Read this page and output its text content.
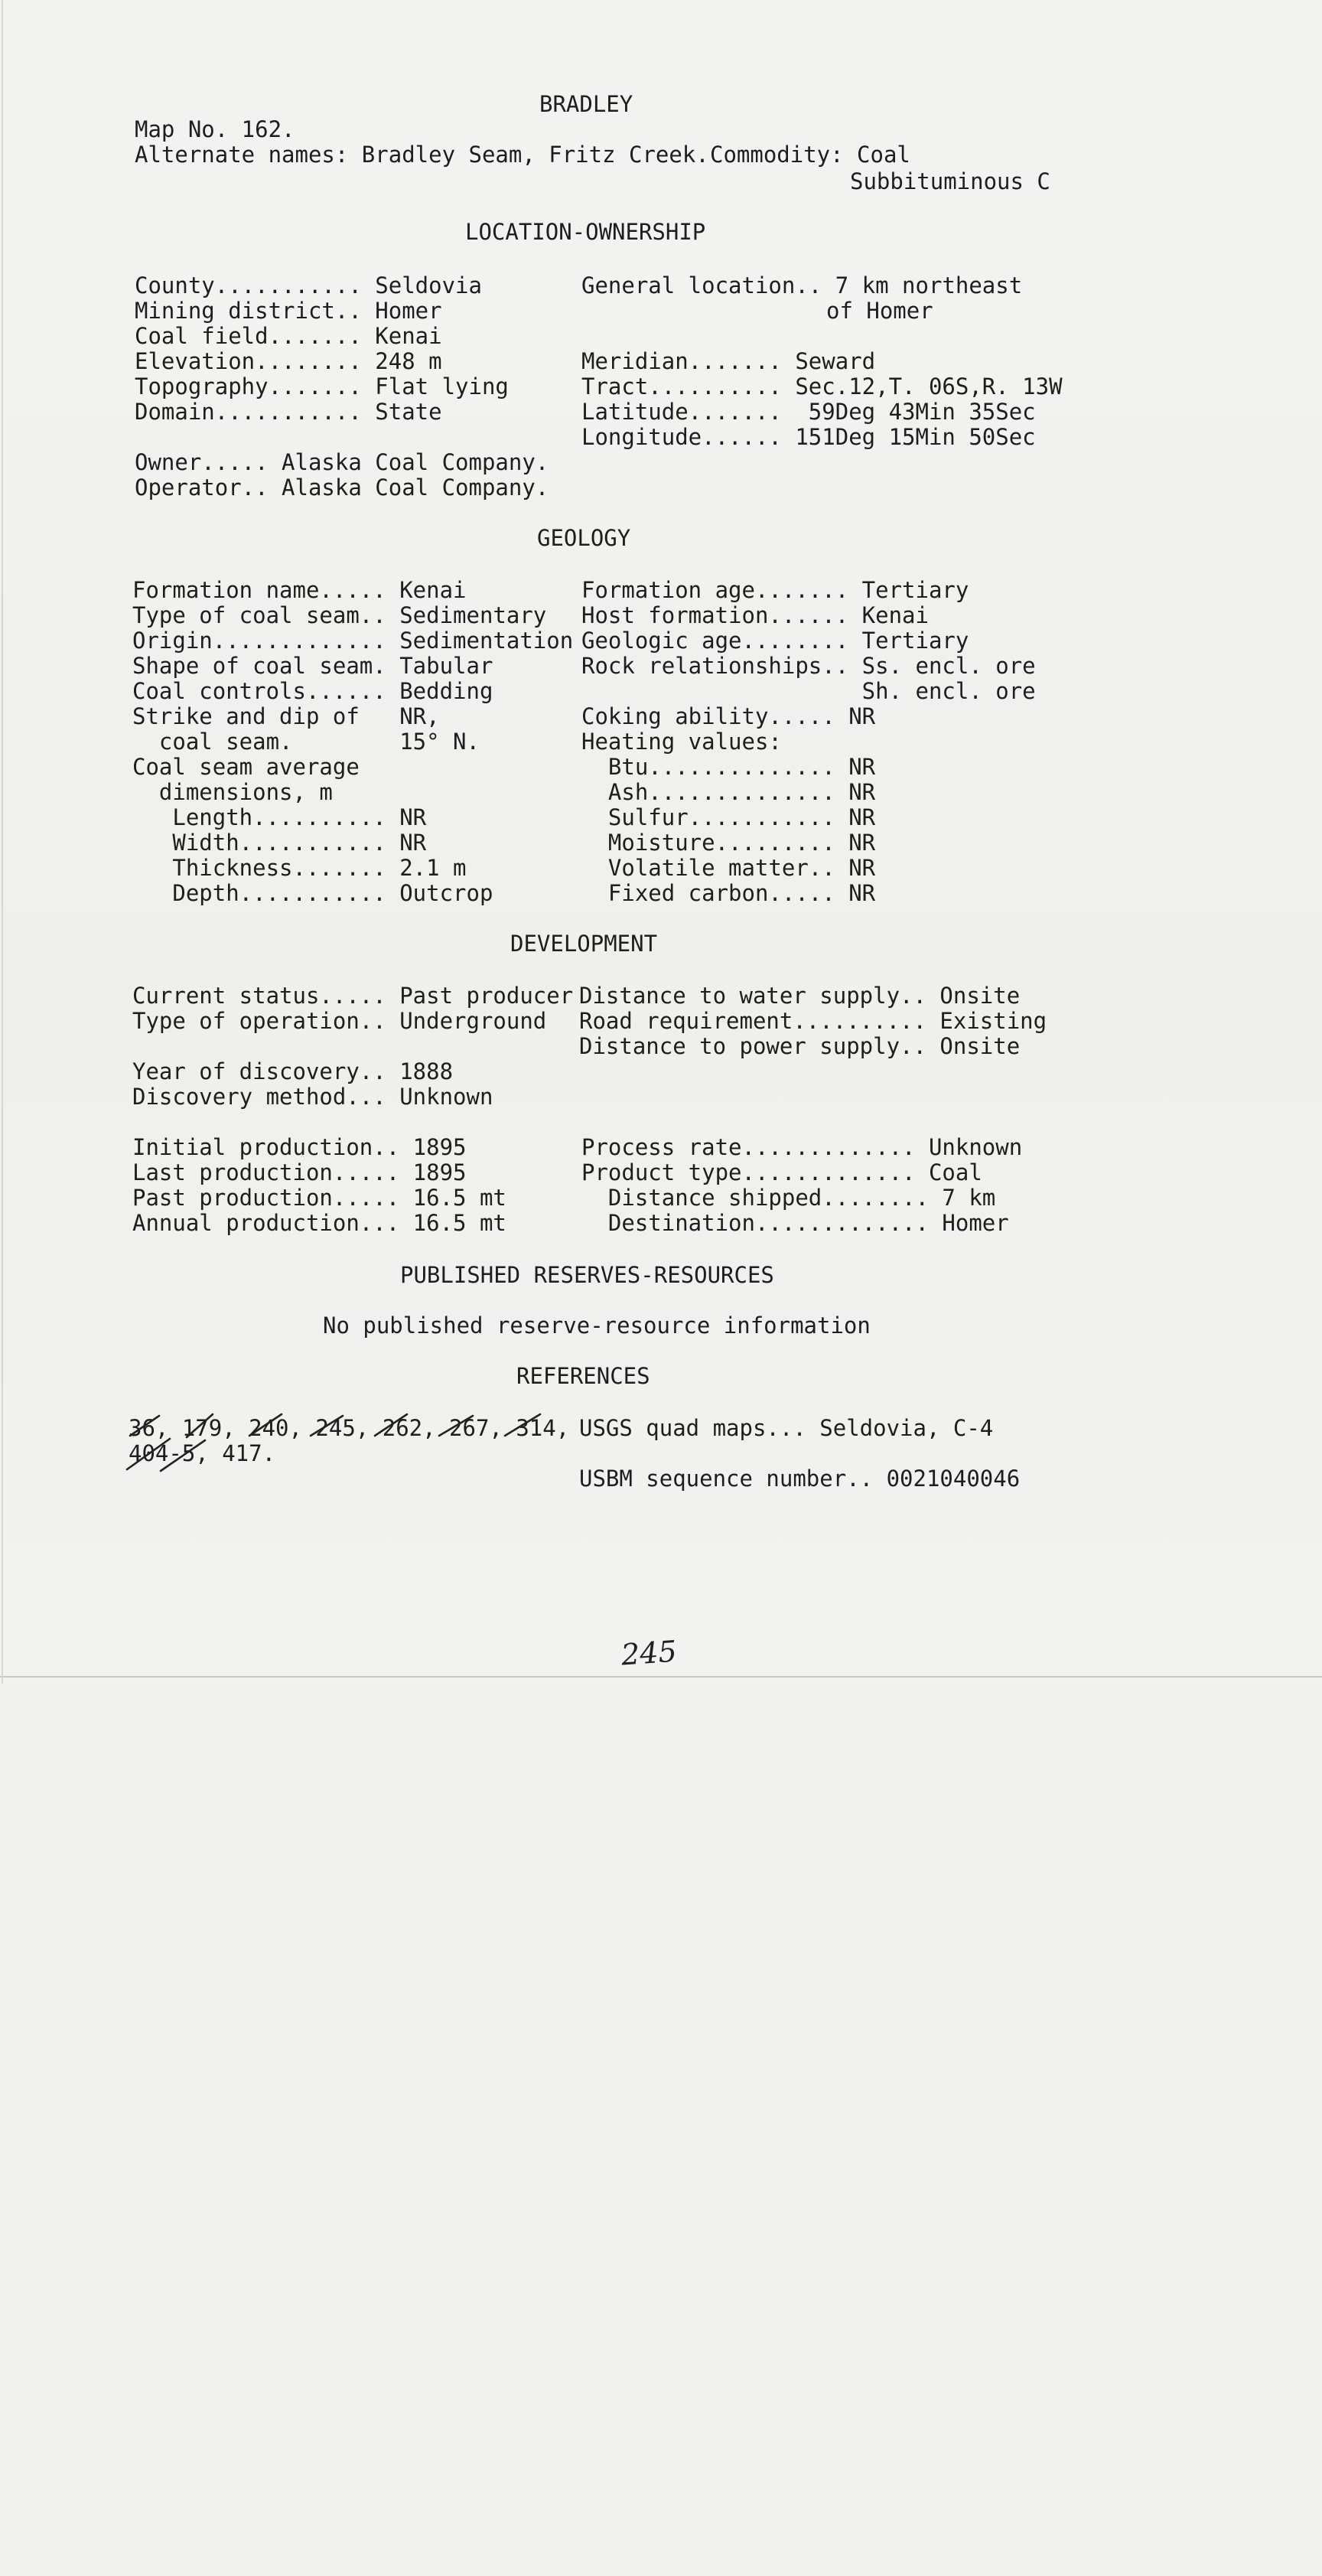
BRADLEY

Map No. 162.

Alternate names: Bradley Seam, Fritz Creek.

Commodity: Coal

Subbituminous C

LOCATION-OWNERSHIP

County........... Seldovia

Mining district.. Homer

Coal field....... Kenai

Elevation........ 248 m

Topography....... Flat lying

Domain........... State

General location.. 7 km northeast

of Homer

Meridian....... Seward

Tract.......... Sec.12,T. 06S,R. 13W

Latitude.......  59Deg 43Min 35Sec

Longitude...... 151Deg 15Min 50Sec

Owner..... Alaska Coal Company.

Operator.. Alaska Coal Company.

GEOLOGY

Formation name..... Kenai

Type of coal seam.. Sedimentary

Origin............. Sedimentation

Shape of coal seam. Tabular

Coal controls...... Bedding

Strike and dip of   NR,

coal seam.        15° N.

Coal seam average

dimensions, m

Length.......... NR

Width........... NR

Thickness....... 2.1 m

Depth........... Outcrop

Formation age....... Tertiary

Host formation...... Kenai

Geologic age........ Tertiary

Rock relationships.. Ss. encl. ore

Sh. encl. ore

Coking ability..... NR

Heating values:

Btu.............. NR

Ash.............. NR

Sulfur........... NR

Moisture......... NR

Volatile matter.. NR

Fixed carbon..... NR

DEVELOPMENT

Current status..... Past producer

Type of operation.. Underground

Distance to water supply.. Onsite

Road requirement.......... Existing

Distance to power supply.. Onsite

Year of discovery.. 1888

Discovery method... Unknown

Initial production.. 1895

Last production..... 1895

Past production..... 16.5 mt

Annual production... 16.5 mt

Process rate............. Unknown

Product type............. Coal

Distance shipped........ 7 km

Destination............. Homer

PUBLISHED RESERVES-RESOURCES

No published reserve-resource information

REFERENCES

36, 179, 240, 245, 262, 267, 314,

404-5, 417.

USGS quad maps... Seldovia, C-4

USBM sequence number.. 0021040046

245
